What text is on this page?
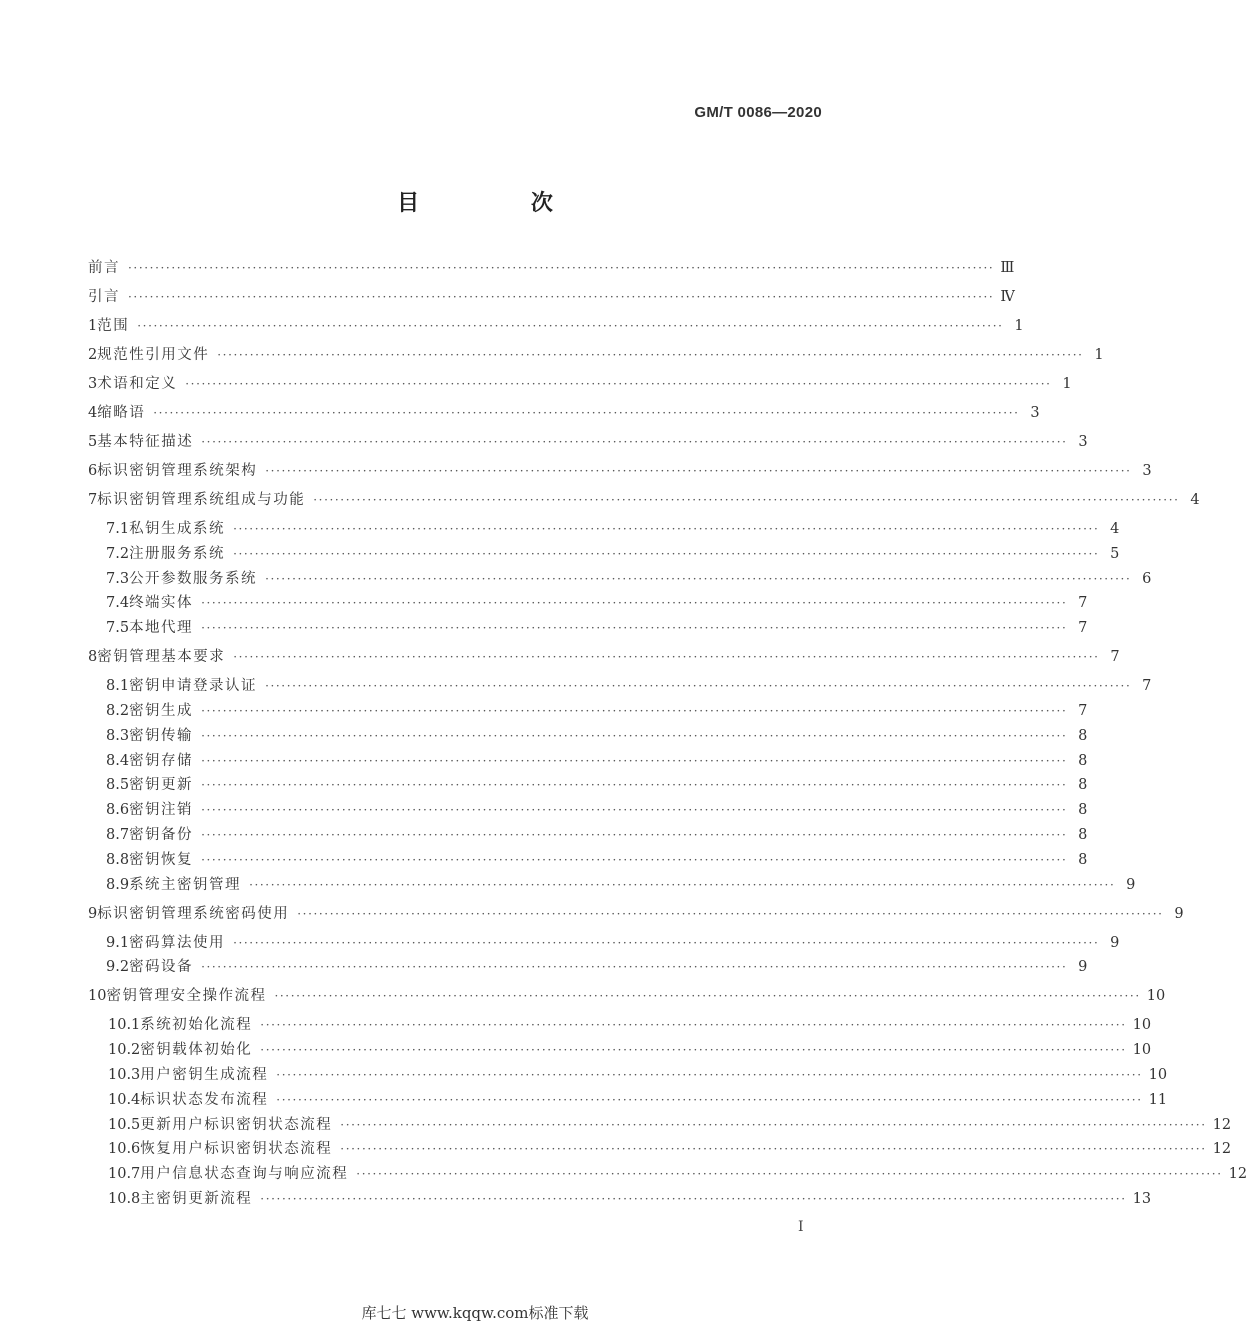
GM/T 0086—2020
目 次
前言 ································································································································································ Ⅲ
引言 ································································································································································ Ⅳ
1 范围 ································································································································································ 1
2 规范性引用文件 ································································································································································ 1
3 术语和定义 ································································································································································ 1
4 缩略语 ································································································································································ 3
5 基本特征描述 ································································································································································ 3
6 标识密钥管理系统架构 ································································································································································ 3
7 标识密钥管理系统组成与功能 ································································································································································ 4
7.1 私钥生成系统 ································································································································································ 4
7.2 注册服务系统 ································································································································································ 5
7.3 公开参数服务系统 ································································································································································ 6
7.4 终端实体 ································································································································································ 7
7.5 本地代理 ································································································································································ 7
8 密钥管理基本要求 ································································································································································ 7
8.1 密钥申请登录认证 ································································································································································ 7
8.2 密钥生成 ································································································································································ 7
8.3 密钥传输 ································································································································································ 8
8.4 密钥存储 ································································································································································ 8
8.5 密钥更新 ································································································································································ 8
8.6 密钥注销 ································································································································································ 8
8.7 密钥备份 ································································································································································ 8
8.8 密钥恢复 ································································································································································ 8
8.9 系统主密钥管理 ································································································································································ 9
9 标识密钥管理系统密码使用 ································································································································································ 9
9.1 密码算法使用 ································································································································································ 9
9.2 密码设备 ································································································································································ 9
10 密钥管理安全操作流程 ································································································································································ 10
10.1 系统初始化流程 ································································································································································ 10
10.2 密钥载体初始化 ································································································································································ 10
10.3 用户密钥生成流程 ································································································································································ 10
10.4 标识状态发布流程 ································································································································································ 11
10.5 更新用户标识密钥状态流程 ································································································································································ 12
10.6 恢复用户标识密钥状态流程 ································································································································································ 12
10.7 用户信息状态查询与响应流程 ································································································································································ 12
10.8 主密钥更新流程 ································································································································································ 13
Ⅰ
库七七 www.kqqw.com标准下载
